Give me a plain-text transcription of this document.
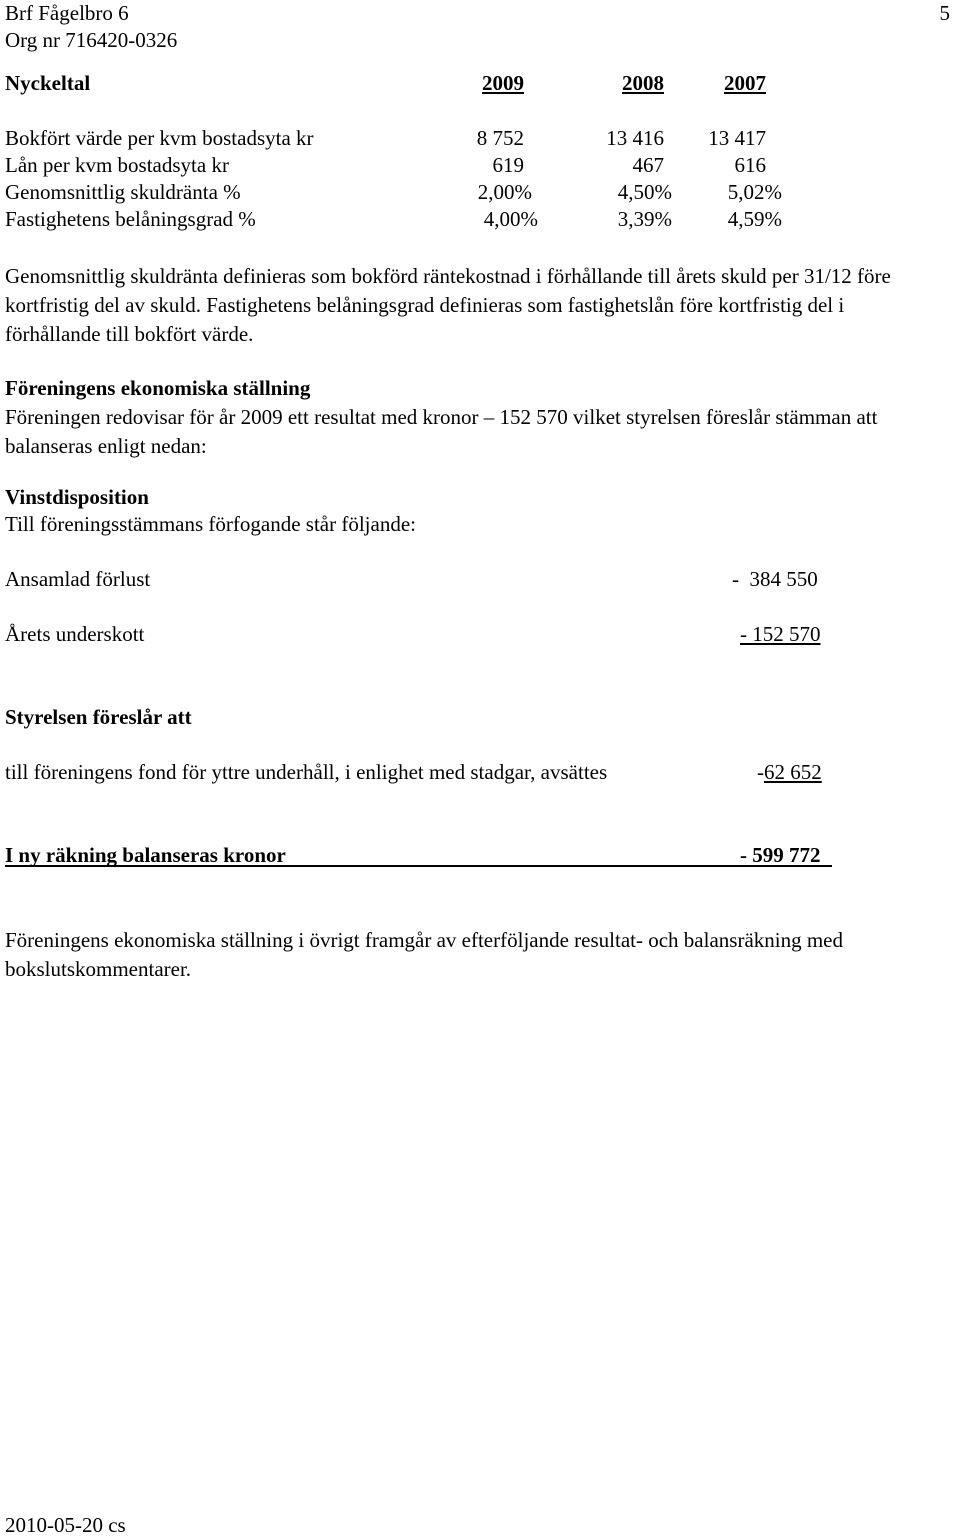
Brf Fågelbro 6
Org nr 716420-0326
5
Nyckeltal	2009	2008	2007
Bokfört värde per kvm bostadsyta kr	8 752	13 416	13 417
Lån per kvm bostadsyta kr	619	467	616
Genomsnittlig skuldränta %	2,00%	4,50%	5,02%
Fastighetens belåningsgrad %	4,00%	3,39%	4,59%
Genomsnittlig skuldränta definieras som bokförd räntekostnad i förhållande till årets skuld per 31/12 före kortfristig del av skuld. Fastighetens belåningsgrad definieras som fastighetslån före kortfristig del i förhållande till bokfört värde.
Föreningens ekonomiska ställning
Föreningen redovisar för år 2009 ett resultat med kronor – 152 570 vilket styrelsen föreslår stämman att balanseras enligt nedan:
Vinstdisposition
Till föreningsstämmans förfogande står följande:
Ansamlad förlust	-  384 550
Årets underskott	- 152 570
Styrelsen föreslår att
till föreningens fond för yttre underhåll, i enlighet med stadgar, avsättes	-62 652
I ny räkning balanseras kronor	- 599 772
Föreningens ekonomiska ställning i övrigt framgår av efterföljande resultat- och balansräkning med bokslutskommentarer.
2010-05-20 cs
